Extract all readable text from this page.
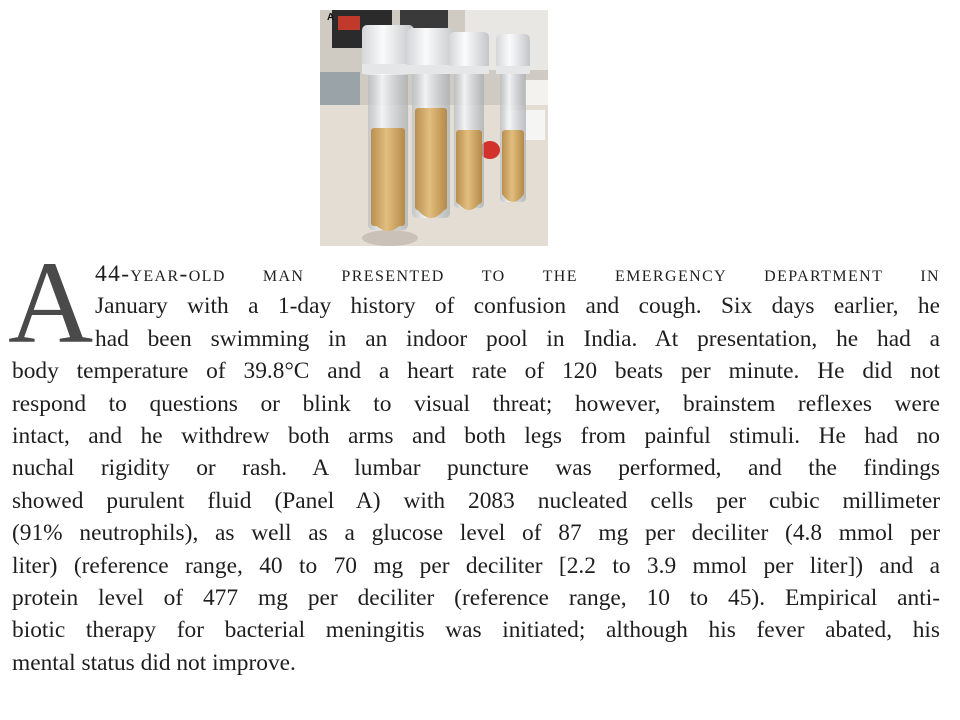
A
A 44-year-old man presented to the emergency department in
January with a 1-day history of confusion and cough. Six days earlier, he
had been swimming in an indoor pool in India. At presentation, he had a
body temperature of 39.8°C and a heart rate of 120 beats per minute. He did not
respond to questions or blink to visual threat; however, brainstem reflexes were
intact, and he withdrew both arms and both legs from painful stimuli. He had no
nuchal rigidity or rash. A lumbar puncture was performed, and the findings
showed purulent fluid (Panel A) with 2083 nucleated cells per cubic millimeter
(91% neutrophils), as well as a glucose level of 87 mg per deciliter (4.8 mmol per
liter) (reference range, 40 to 70 mg per deciliter [2.2 to 3.9 mmol per liter]) and a
protein level of 477 mg per deciliter (reference range, 10 to 45). Empirical anti-
biotic therapy for bacterial meningitis was initiated; although his fever abated, his
mental status did not improve.
